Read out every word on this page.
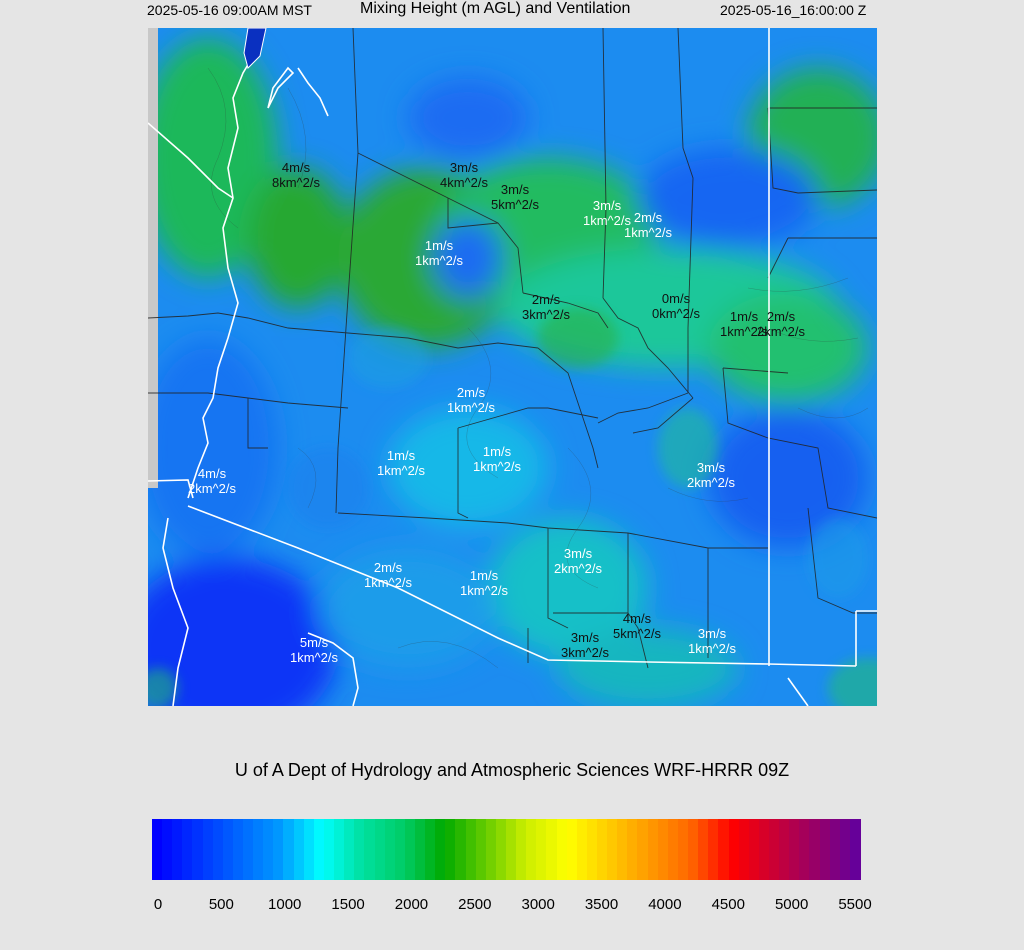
2025-05-16 09:00AM MST	Mixing Height (m AGL) and Ventilation	2025-05-16_16:00:00 Z
4m/s
8km^2/s
3m/s
4km^2/s 3m/s
5km^2/s	3m/s
1km^2/s 2m/s
1km^2/s
1m/s
1km^2/s
2m/s
3km^2/s
0m/s
0km^2/s	1m/s
1km^2/s
2m/s
2km^2/s
2m/s
1km^2/s
1m/s
1km^2/s
1m/s
1km^2/s	3m/s
2km^2/s
4m/s
2km^2/s
3m/s
2km^2/s
2m/s
1km^2/s	1m/s
1km^2/s
4m/s
5km^2/s
3m/s
3km^2/s
3m/s
1km^2/s
5m/s
1km^2/s
U of A Dept of Hydrology and Atmospheric Sciences WRF-HRRR 09Z
0	500 1000 1500 2000 2500 3000 3500 4000 4500 5000 5500
